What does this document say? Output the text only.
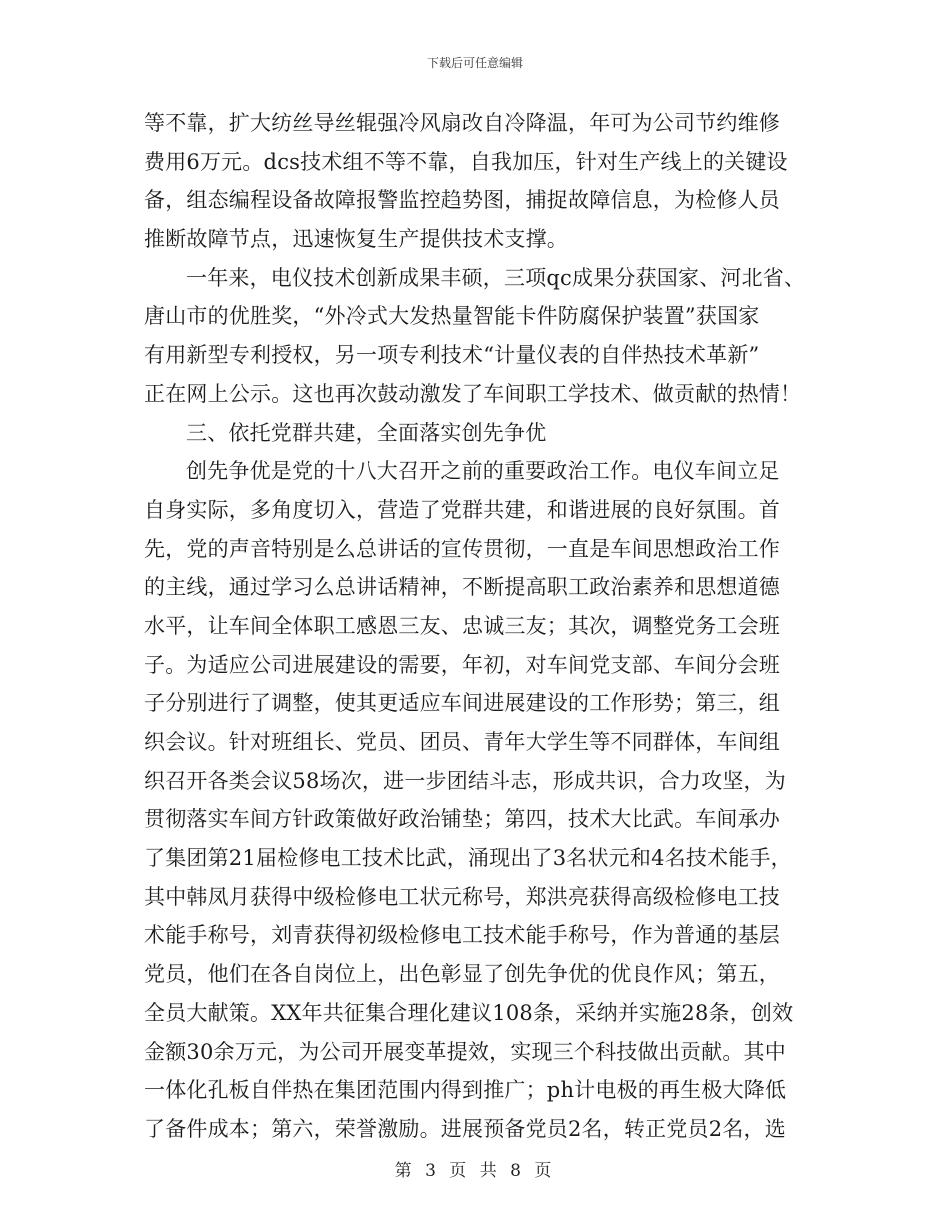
下载后可任意编辑
等不靠，扩大纺丝导丝辊强冷风扇改自冷降温，年可为公司节约维修
费用6万元。dcs技术组不等不靠，自我加压，针对生产线上的关键设
备，组态编程设备故障报警监控趋势图，捕捉故障信息，为检修人员
推断故障节点，迅速恢复生产提供技术支撑。
一年来，电仪技术创新成果丰硕，三项qc成果分获国家、河北省、
唐山市的优胜奖，“外冷式大发热量智能卡件防腐保护装置”获国家
有用新型专利授权，另一项专利技术“计量仪表的自伴热技术革新”
正在网上公示。这也再次鼓动激发了车间职工学技术、做贡献的热情！
三、依托党群共建，全面落实创先争优
创先争优是党的十八大召开之前的重要政治工作。电仪车间立足
自身实际，多角度切入，营造了党群共建，和谐进展的良好氛围。首
先，党的声音特别是么总讲话的宣传贯彻，一直是车间思想政治工作
的主线，通过学习么总讲话精神，不断提高职工政治素养和思想道德
水平，让车间全体职工感恩三友、忠诚三友；其次，调整党务工会班
子。为适应公司进展建设的需要，年初，对车间党支部、车间分会班
子分别进行了调整，使其更适应车间进展建设的工作形势；第三，组
织会议。针对班组长、党员、团员、青年大学生等不同群体，车间组
织召开各类会议58场次，进一步团结斗志，形成共识，合力攻坚，为
贯彻落实车间方针政策做好政治铺垫；第四，技术大比武。车间承办
了集团第21届检修电工技术比武，涌现出了3名状元和4名技术能手，
其中韩凤月获得中级检修电工状元称号，郑洪亮获得高级检修电工技
术能手称号，刘青获得初级检修电工技术能手称号，作为普通的基层
党员，他们在各自岗位上，出色彰显了创先争优的优良作风；第五，
全员大献策。XX年共征集合理化建议108条，采纳并实施28条，创效
金额30余万元，为公司开展变革提效，实现三个科技做出贡献。其中
一体化孔板自伴热在集团范围内得到推广；ph计电极的再生极大降低
了备件成本；第六，荣誉激励。进展预备党员2名，转正党员2名，选
第 3 页 共 8 页
